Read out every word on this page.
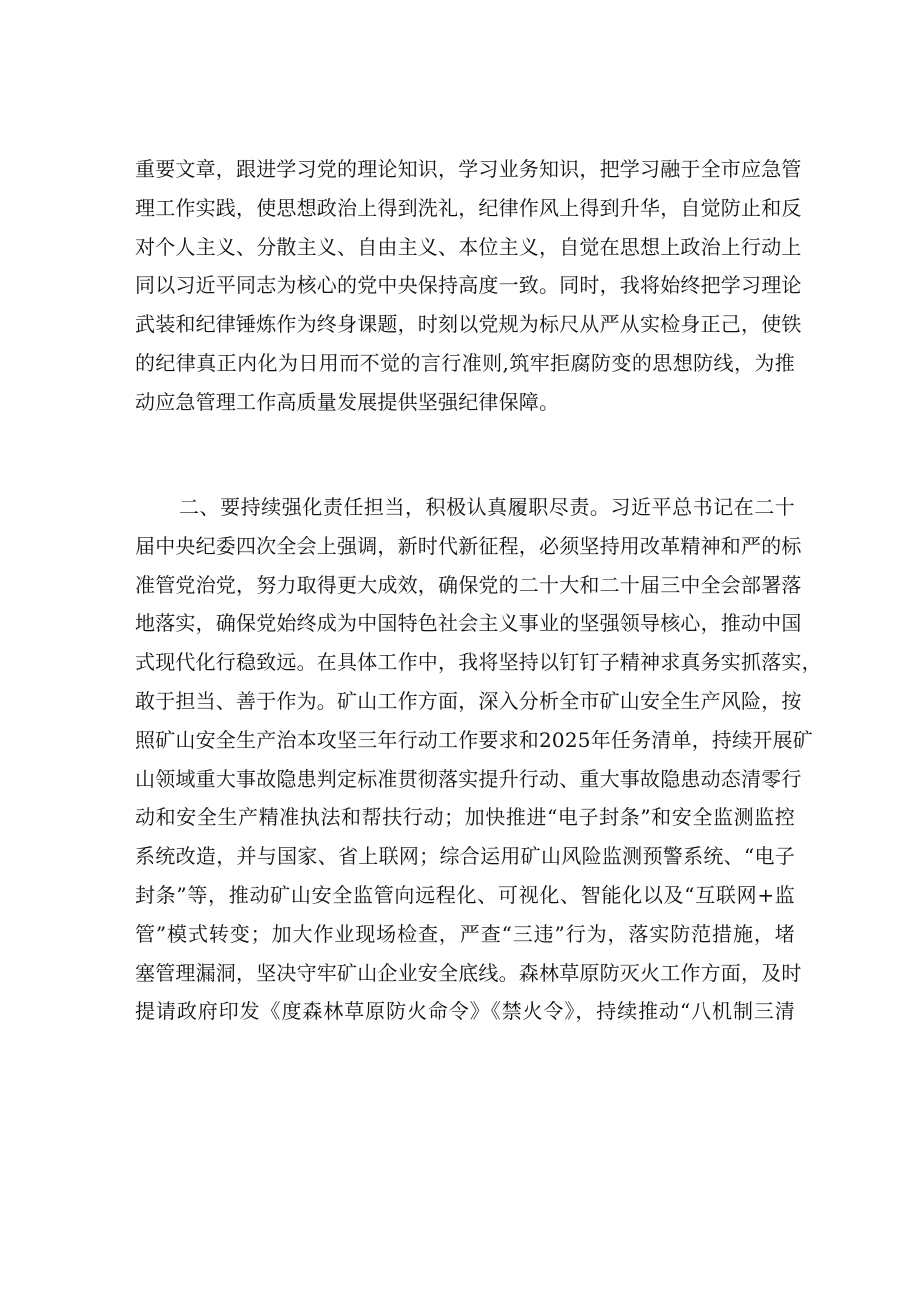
重要文章，跟进学习党的理论知识，学习业务知识，把学习融于全市应急管
理工作实践，使思想政治上得到洗礼，纪律作风上得到升华，自觉防止和反
对个人主义、分散主义、自由主义、本位主义，自觉在思想上政治上行动上
同以习近平同志为核心的党中央保持高度一致。同时，我将始终把学习理论
武装和纪律锤炼作为终身课题，时刻以党规为标尺从严从实检身正己，使铁
的纪律真正内化为日用而不觉的言行准则,筑牢拒腐防变的思想防线，为推
动应急管理工作高质量发展提供坚强纪律保障。
二、要持续强化责任担当，积极认真履职尽责。习近平总书记在二十
届中央纪委四次全会上强调，新时代新征程，必须坚持用改革精神和严的标
准管党治党，努力取得更大成效，确保党的二十大和二十届三中全会部署落
地落实，确保党始终成为中国特色社会主义事业的坚强领导核心，推动中国
式现代化行稳致远。在具体工作中，我将坚持以钉钉子精神求真务实抓落实，
敢于担当、善于作为。矿山工作方面，深入分析全市矿山安全生产风险，按
照矿山安全生产治本攻坚三年行动工作要求和2025年任务清单，持续开展矿
山领域重大事故隐患判定标准贯彻落实提升行动、重大事故隐患动态清零行
动和安全生产精准执法和帮扶行动；加快推进“电子封条”和安全监测监控
系统改造，并与国家、省上联网；综合运用矿山风险监测预警系统、“电子
封条”等，推动矿山安全监管向远程化、可视化、智能化以及“互联网+监
管”模式转变；加大作业现场检查，严查“三违”行为，落实防范措施，堵
塞管理漏洞，坚决守牢矿山企业安全底线。森林草原防灭火工作方面，及时
提请政府印发《度森林草原防火命令》《禁火令》，持续推动“八机制三清
